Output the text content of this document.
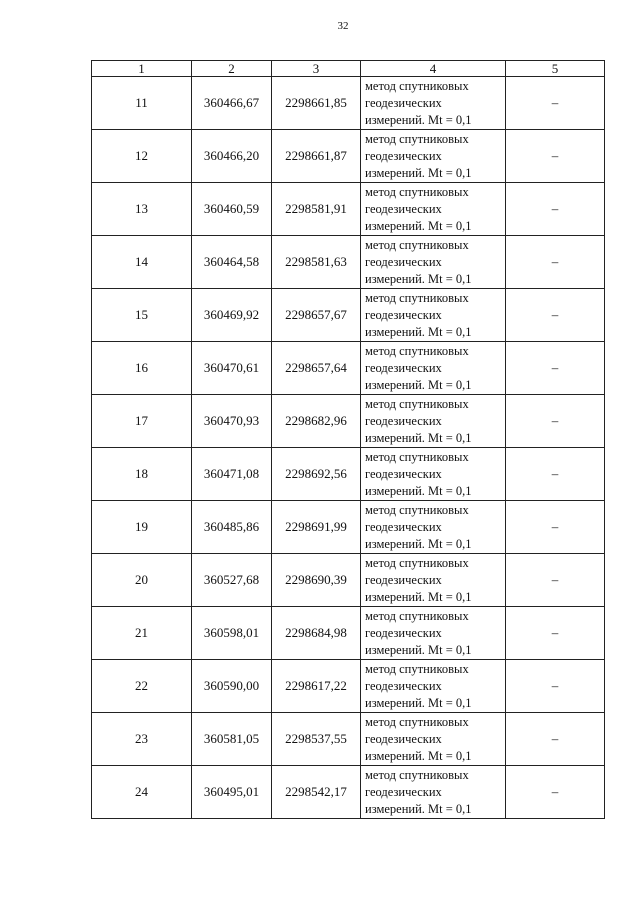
32
1	2	3	4	5
11	360466,67	2298661,85	метод спутниковых
геодезических
измерений. Mt = 0,1	–
12	360466,20	2298661,87	метод спутниковых
геодезических
измерений. Mt = 0,1	–
13	360460,59	2298581,91	метод спутниковых
геодезических
измерений. Mt = 0,1	–
14	360464,58	2298581,63	метод спутниковых
геодезических
измерений. Mt = 0,1	–
15	360469,92	2298657,67	метод спутниковых
геодезических
измерений. Mt = 0,1	–
16	360470,61	2298657,64	метод спутниковых
геодезических
измерений. Mt = 0,1	–
17	360470,93	2298682,96	метод спутниковых
геодезических
измерений. Mt = 0,1	–
18	360471,08	2298692,56	метод спутниковых
геодезических
измерений. Mt = 0,1	–
19	360485,86	2298691,99	метод спутниковых
геодезических
измерений. Mt = 0,1	–
20	360527,68	2298690,39	метод спутниковых
геодезических
измерений. Mt = 0,1	–
21	360598,01	2298684,98	метод спутниковых
геодезических
измерений. Mt = 0,1	–
22	360590,00	2298617,22	метод спутниковых
геодезических
измерений. Mt = 0,1	–
23	360581,05	2298537,55	метод спутниковых
геодезических
измерений. Mt = 0,1	–
24	360495,01	2298542,17	метод спутниковых
геодезических
измерений. Mt = 0,1	–
